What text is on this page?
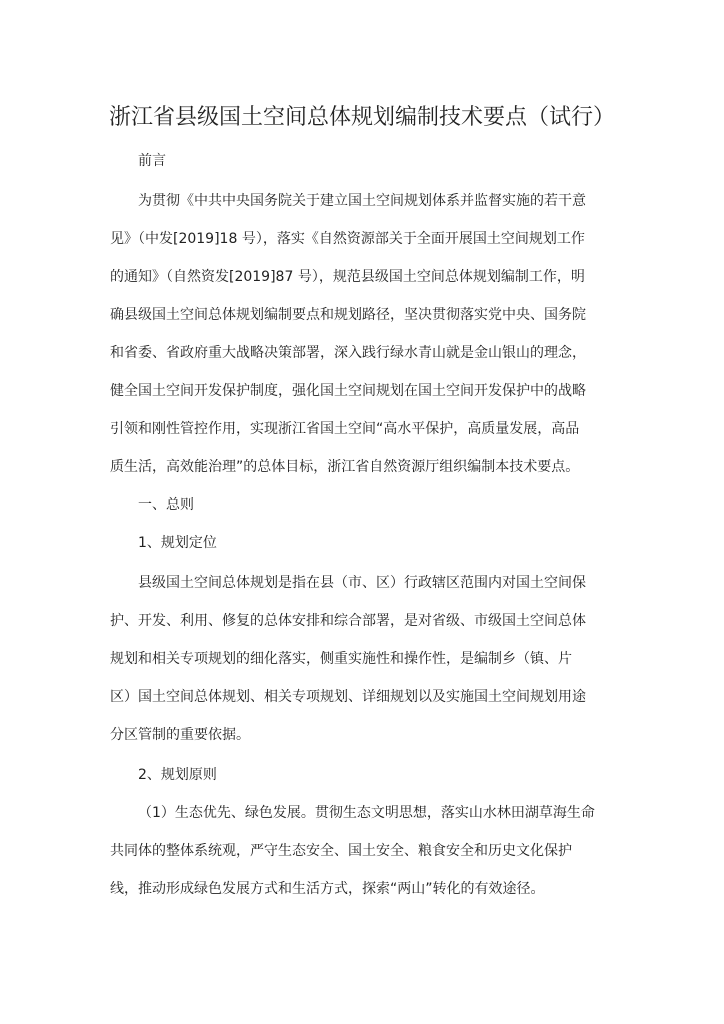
浙江省县级国土空间总体规划编制技术要点（试行）

前言

为贯彻《中共中央国务院关于建立国土空间规划体系并监督实施的若干意

见》（中发[2019]18 号），落实《自然资源部关于全面开展国土空间规划工作

的通知》（自然资发[2019]87 号），规范县级国土空间总体规划编制工作，明

确县级国土空间总体规划编制要点和规划路径，坚决贯彻落实党中央、国务院

和省委、省政府重大战略决策部署，深入践行绿水青山就是金山银山的理念，

健全国土空间开发保护制度，强化国土空间规划在国土空间开发保护中的战略

引领和刚性管控作用，实现浙江省国土空间“高水平保护，高质量发展，高品

质生活，高效能治理”的总体目标，浙江省自然资源厅组织编制本技术要点。

一、总则

1、规划定位

县级国土空间总体规划是指在县（市、区）行政辖区范围内对国土空间保

护、开发、利用、修复的总体安排和综合部署，是对省级、市级国土空间总体

规划和相关专项规划的细化落实，侧重实施性和操作性，是编制乡（镇、片

区）国土空间总体规划、相关专项规划、详细规划以及实施国土空间规划用途

分区管制的重要依据。

2、规划原则

（1）生态优先、绿色发展。贯彻生态文明思想，落实山水林田湖草海生命

共同体的整体系统观，严守生态安全、国土安全、粮食安全和历史文化保护

线，推动形成绿色发展方式和生活方式，探索“两山”转化的有效途径。
